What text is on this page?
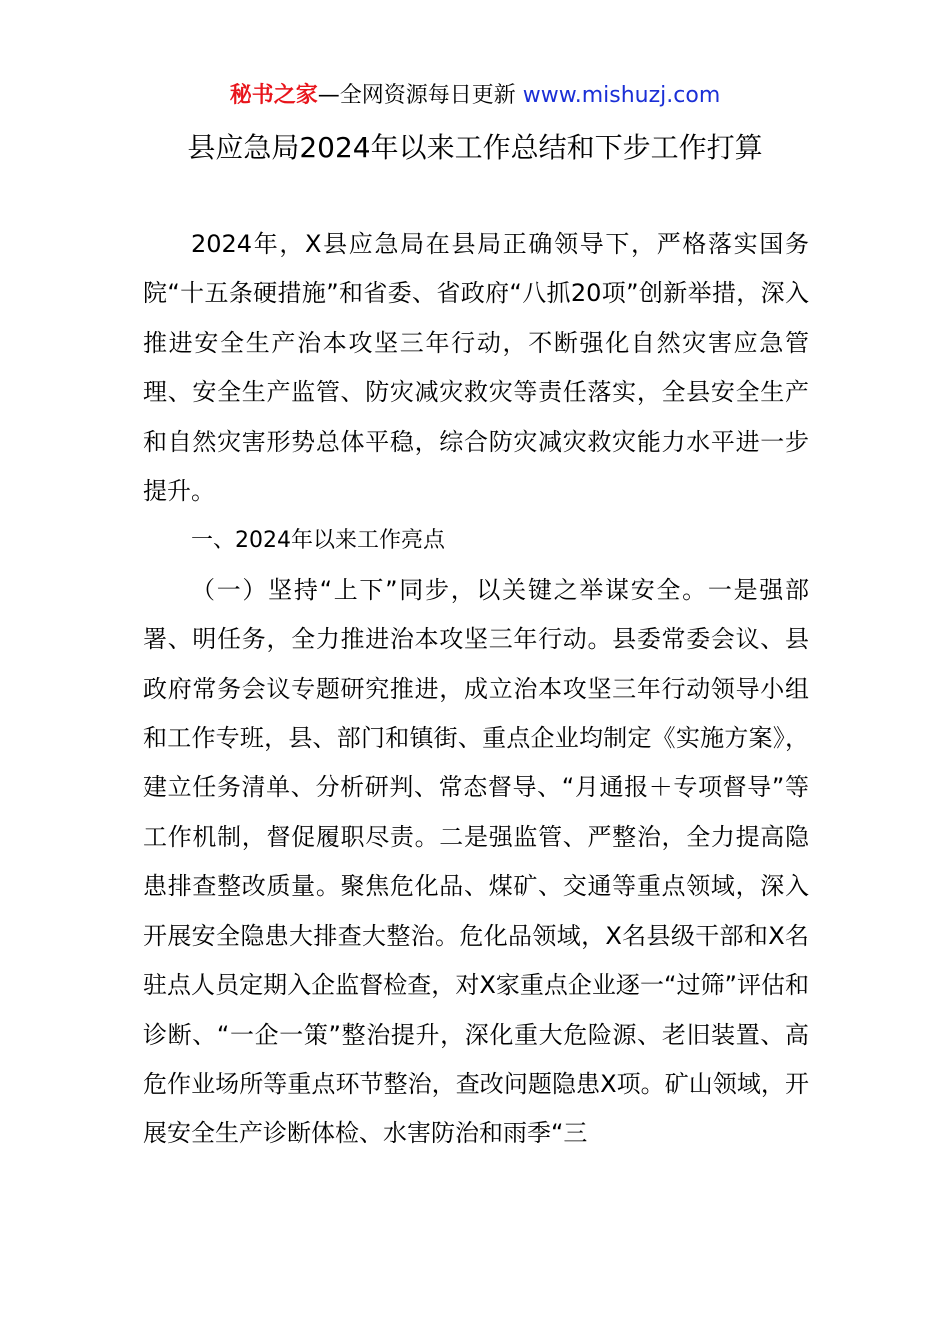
秘书之家—全网资源每日更新 www.mishuzj.com
县应急局2024年以来工作总结和下步工作打算

2024年，X县应急局在县局正确领导下，严格落实国务院“十五条硬措施”和省委、省政府“八抓20项”创新举措，深入推进安全生产治本攻坚三年行动，不断强化自然灾害应急管理、安全生产监管、防灾减灾救灾等责任落实，全县安全生产和自然灾害形势总体平稳，综合防灾减灾救灾能力水平进一步提升。

一、2024年以来工作亮点

（一）坚持“上下”同步，以关键之举谋安全。一是强部署、明任务，全力推进治本攻坚三年行动。县委常委会议、县政府常务会议专题研究推进，成立治本攻坚三年行动领导小组和工作专班，县、部门和镇街、重点企业均制定《实施方案》，建立任务清单、分析研判、常态督导、“月通报＋专项督导”等工作机制，督促履职尽责。二是强监管、严整治，全力提高隐患排查整改质量。聚焦危化品、煤矿、交通等重点领域，深入开展安全隐患大排查大整治。危化品领域，X名县级干部和X名驻点人员定期入企监督检查，对X家重点企业逐一“过筛”评估和诊断、“一企一策”整治提升，深化重大危险源、老旧装置、高危作业场所等重点环节整治，查改问题隐患X项。矿山领域，开展安全生产诊断体检、水害防治和雨季“三
